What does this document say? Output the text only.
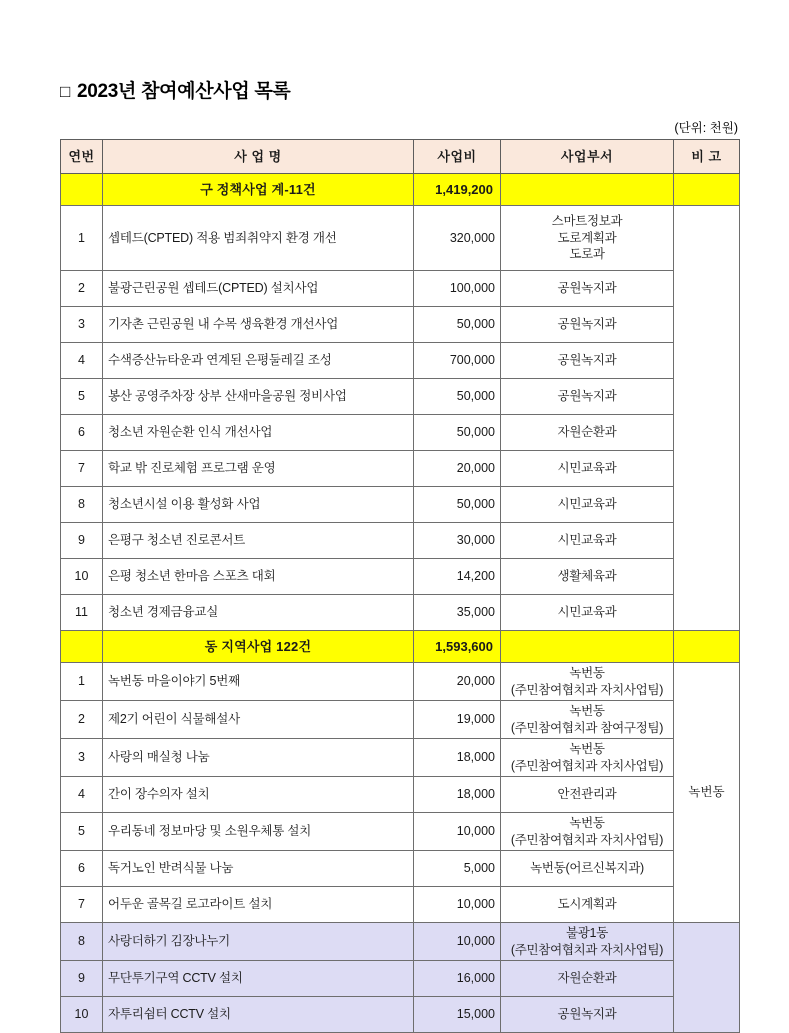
□ 2023년 참여예산사업 목록
(단위: 천원)
연번	사 업 명	사업비	사업부서	비 고
	구 정책사업 계-11건	1,419,200		
1	셉테드(CPTED) 적용 범죄취약지 환경 개선	320,000	스마트정보과
도로계획과
도로과	

2	불광근린공원 셉테드(CPTED) 설치사업	100,000	공원녹지과	
3	기자촌 근린공원 내 수목 생육환경 개선사업	50,000	공원녹지과	
4	수색증산뉴타운과 연계된 은평둘레길 조성	700,000	공원녹지과	
5	봉산 공영주차장 상부 산새마을공원 정비사업	50,000	공원녹지과	
6	청소년 자원순환 인식 개선사업	50,000	자원순환과	
7	학교 밖 진로체험 프로그램 운영	20,000	시민교육과	
8	청소년시설 이용 활성화 사업	50,000	시민교육과	
9	은평구 청소년 진로콘서트	30,000	시민교육과	
10	은평 청소년 한마음 스포츠 대회	14,200	생활체육과	
11	청소년 경제금융교실	35,000	시민교육과	
	동 지역사업 122건	1,593,600		
1	녹번동 마을이야기 5번째	20,000	녹번동
(주민참여협치과 자치사업팀)	녹번동
2	제2기 어린이 식물해설사	19,000	녹번동
(주민참여협치과 참여구정팀)	

3	사랑의 매실청 나눔	18,000	녹번동
(주민참여협치과 자치사업팀)	

4	간이 장수의자 설치	18,000	안전관리과	
5	우리동네 정보마당 및 소원우체통 설치	10,000	녹번동
(주민참여협치과 자치사업팀)	

6	독거노인 반려식물 나눔	5,000	녹번동(어르신복지과)	
7	어두운 골목길 로고라이트 설치	10,000	도시계획과	
8	사랑더하기 김장나누기	10,000	불광1동
(주민참여협치과 자치사업팀)	

9	무단투기구역 CCTV 설치	16,000	자원순환과	
10	자투리쉼터 CCTV 설치	15,000	공원녹지과	
